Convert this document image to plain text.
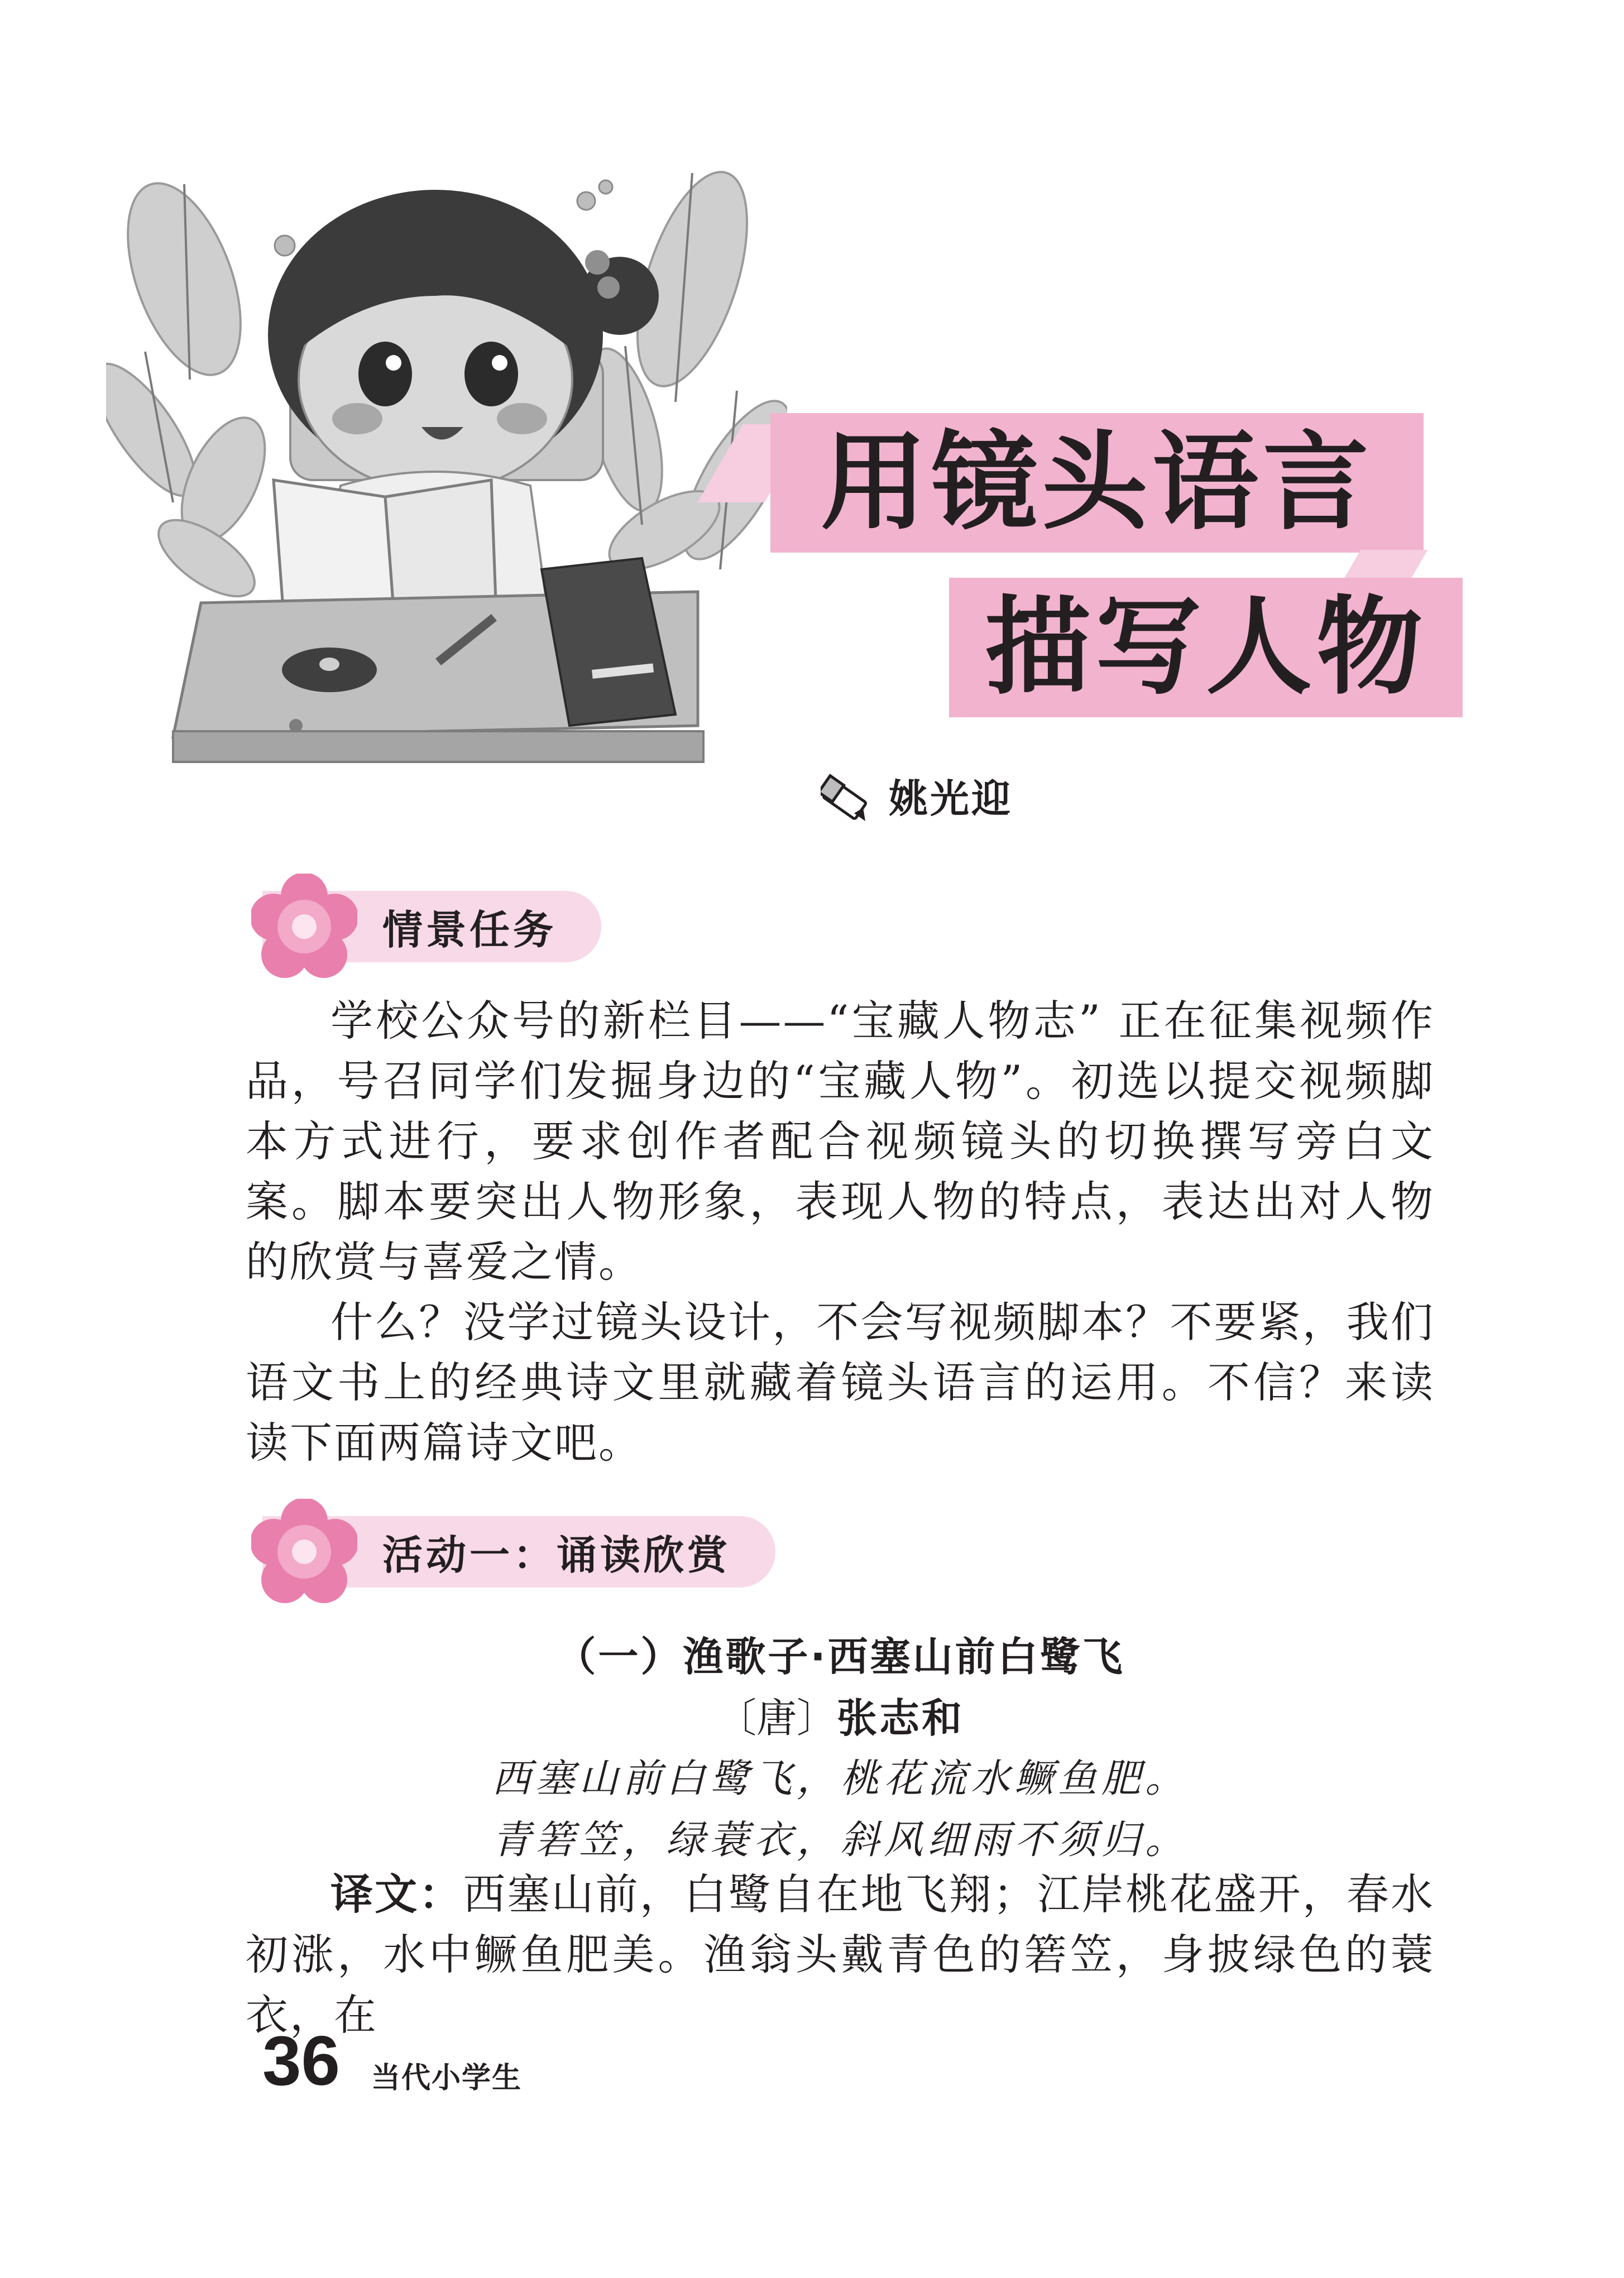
用镜头语言
描写人物
姚光迎
情景任务

学校公众号的新栏目——“宝藏人物志” 正在征集视频作品，号召同学们发掘身边的“宝藏人物”。初选以提交视频脚本方式进行，要求创作者配合视频镜头的切换撰写旁白文案。脚本要突出人物形象，表现人物的特点，表达出对人物的欣赏与喜爱之情。

什么？没学过镜头设计，不会写视频脚本？不要紧，我们语文书上的经典诗文里就藏着镜头语言的运用。不信？来读读下面两篇诗文吧。

活动一：诵读欣赏
（一）渔歌子·西塞山前白鹭飞
〔唐〕张志和
西塞山前白鹭飞，桃花流水鳜鱼肥。
青箬笠，绿蓑衣，斜风细雨不须归。

译文：西塞山前，白鹭自在地飞翔；江岸桃花盛开，春水初涨，水中鳜鱼肥美。渔翁头戴青色的箬笠，身披绿色的蓑衣，在

36 当代小学生
